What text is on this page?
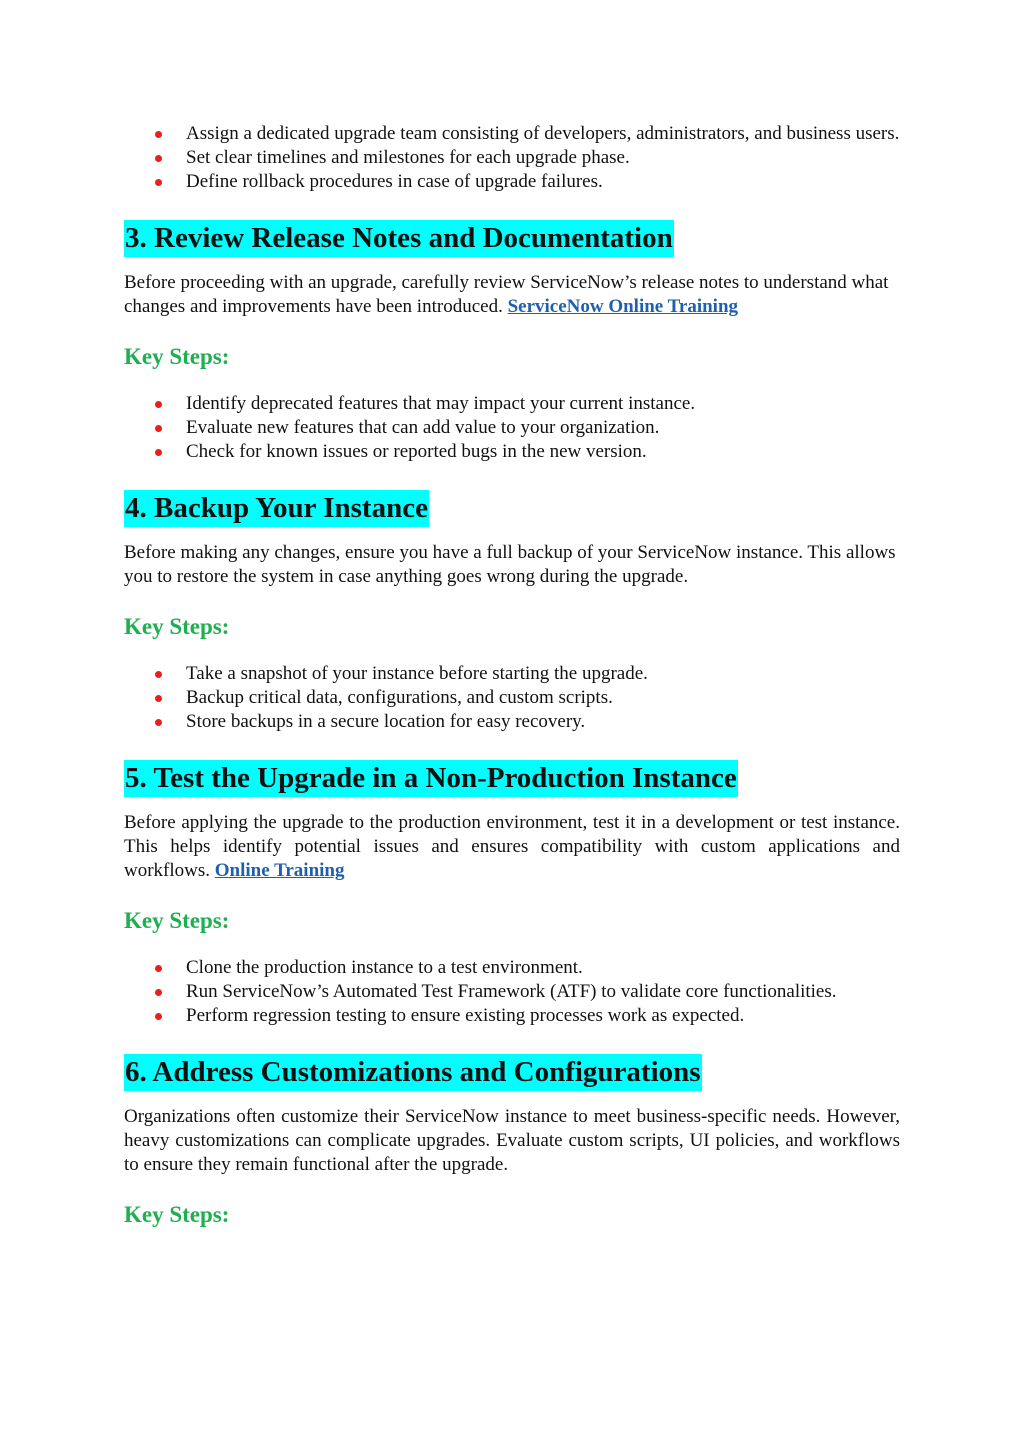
Assign a dedicated upgrade team consisting of developers, administrators, and business users.
Set clear timelines and milestones for each upgrade phase.
Define rollback procedures in case of upgrade failures.
3. Review Release Notes and Documentation

Before proceeding with an upgrade, carefully review ServiceNow’s release notes to understand what changes and improvements have been introduced. ServiceNow Online Training

Key Steps:

Identify deprecated features that may impact your current instance.
Evaluate new features that can add value to your organization.
Check for known issues or reported bugs in the new version.
4. Backup Your Instance

Before making any changes, ensure you have a full backup of your ServiceNow instance. This allows you to restore the system in case anything goes wrong during the upgrade.

Key Steps:

Take a snapshot of your instance before starting the upgrade.
Backup critical data, configurations, and custom scripts.
Store backups in a secure location for easy recovery.
5. Test the Upgrade in a Non-Production Instance

Before applying the upgrade to the production environment, test it in a development or test instance. This helps identify potential issues and ensures compatibility with custom applications and workflows. Online Training

Key Steps:

Clone the production instance to a test environment.
Run ServiceNow’s Automated Test Framework (ATF) to validate core functionalities.
Perform regression testing to ensure existing processes work as expected.
6. Address Customizations and Configurations

Organizations often customize their ServiceNow instance to meet business-specific needs. However, heavy customizations can complicate upgrades. Evaluate custom scripts, UI policies, and workflows to ensure they remain functional after the upgrade.

Key Steps:
